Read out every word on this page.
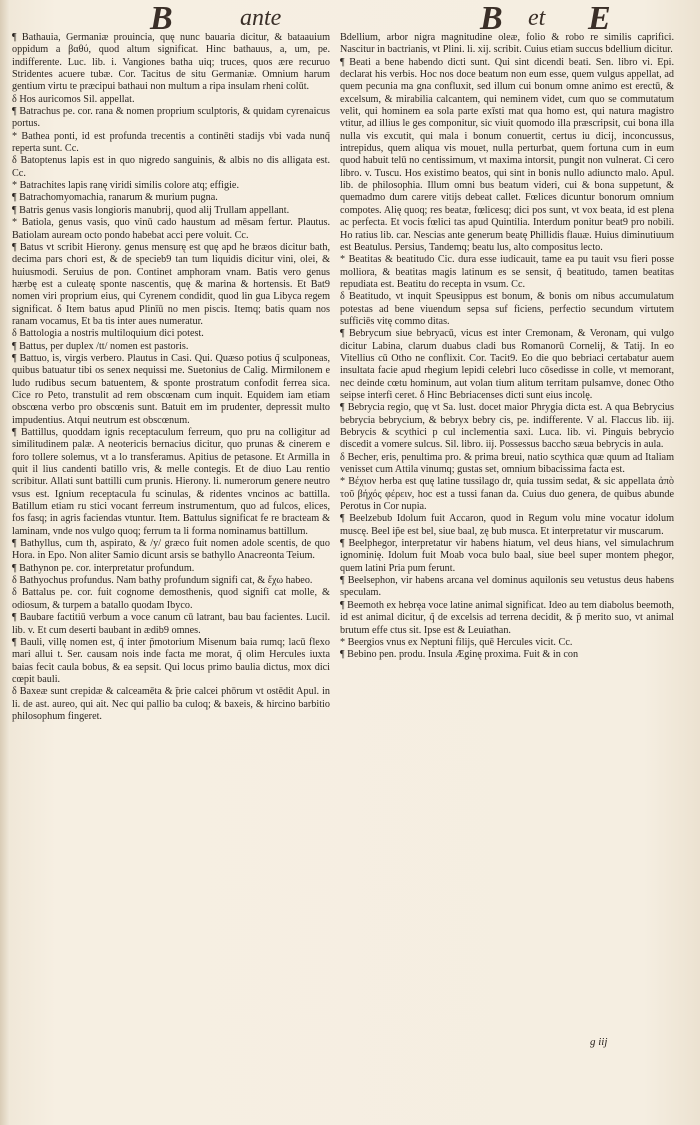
B	ante	B et E

¶ Bathauia, Germaniæ prouincia, quę nunc bauaria dicitur, & bataauium oppidum a βαθύ, quod altum significat. Hinc bathauus, a, um, pe. indifferente. Luc. lib. i. Vangiones batha uiq; truces, quos ære recuruo Stridentes acuere tubæ. Cor. Tacitus de situ Germaniæ. Omnium harum gentium virtu te præcipui bathaui non multum a ripa insulam rheni colūt.

δ Hos auricomos Sil. appellat.

¶ Batrachus pe. cor. rana & nomen proprium sculptoris, & quidam cyrenaicus portus.

* Bathea ponti, id est profunda trecentis a continēti stadijs vbi vada nunq̃ reperta sunt. Cc.

δ Batoptenus lapis est in quo nigredo sanguinis, & albis no dis alligata est. Cc.

* Batrachites lapis ranę viridi similis colore atq; effigie.

¶ Batrachomyomachia, ranarum & murium pugna.

¶ Batris genus vasis longioris manubrij, quod alij Trullam appellant.

* Batiola, genus vasis, quo vinū cado haustum ad mēsam fertur. Plautus. Batiolam auream octo pondo habebat acci pere voluit. Cc.

¶ Batus vt scribit Hierony. genus mensurę est quę apd he bræos dicitur bath, decima pars chori est, & de specieb9 tan tum liquidis dicitur vini, olei, & huiusmodi. Seruius de pon. Continet amphoram vnam. Batis vero genus hærbę est a culeatę sponte nascentis, quę & marina & hortensis. Et Bat9 nomen viri proprium eius, qui Cyrenem condidit, quod lin gua Libyca regem significat. δ Item batus apud Plinīū no men piscis. Itemq; batis quam nos ranam vocamus, Et ba tis inter aues numeratur.

δ Battologia a nostris multiloquium dici potest.

¶ Battus, per duplex /tt/ nomen est pastoris.

¶ Battuo, is, virgis verbero. Plautus in Casi. Qui. Quæso potius q̃ sculponeas, quibus batuatur tibi os senex nequissi me. Suetonius de Calig. Mirmilonem e ludo rudibus secum batuentem, & sponte prostratum confodit ferrea sica. Cice ro Peto, transtulit ad rem obscœnam cum inquit. Equidem iam etiam obscœna verbo pro obscœnis sunt. Batuit em im prudenter, depressit multo impudentius. Atqui neutrum est obscœnum.

¶ Battillus, quoddam ignis receptaculum ferreum, quo pru na colligitur ad similitudinem palæ. A neotericis bernacius dicitur, quo prunas & cinerem e foro tollere solemus, vt a lo transferamus. Apitius de petasone. Et Armilla in quit il lius candenti batillo vris, & melle contegis. Et de diuo Lau rentio scribitur. Allati sunt battilli cum prunis. Hierony. li. numerorum genere neutro vsus est. Ignium receptacula fu scinulas, & ridentes vncinos ac battilla. Batillum etiam ru stici vocant ferreum instrumentum, quo ad fulcos, elices, fos fasq; in agris faciendas vtuntur. Item. Battulus significat fe re bracteam & laminam, vnde nos vulgo quoq; ferrum ta li forma nominamus battillum.

¶ Bathyllus, cum th, aspirato, & /y/ græco fuit nomen adole scentis, de quo Hora. in Epo. Non aliter Samio dicunt arsis se bathyllo Anacreonta Teium.

¶ Bathynon pe. cor. interpretatur profundum.

δ Bathyochus profundus. Nam bathy profundum signifi cat, & ἔχω habeo.

δ Battalus pe. cor. fuit cognome demosthenis, quod signifi cat molle, & odiosum, & turpem a batallo quodam Ibyco.

¶ Baubare factitiū verbum a voce canum cū latrant, bau bau facientes. Lucil. lib. v. Et cum deserti baubant in ædib9 omnes.

¶ Bauli, villę nomen est, q̃ inter p̃motorium Misenum baia rumq; lacū flexo mari allui t. Ser. causam nois inde facta me morat, q̃ olim Hercules iuxta baias fecit caula bobus, & ea sepsit. Qui locus primo baulia dictus, mox dici cœpit bauli.

δ Baxeæ sunt crepidæ & calceamēta & ̃prie calcei phōrum vt ostēdit Apul. in li. de ast. aureo, qui ait. Nec qui pallio ba culoq; & baxeis, & hircino barbitio philosophum fingeret.

Bdellium, arbor nigra magnitudine oleæ, folio & robo re similis caprifici. Nascitur in bactrianis, vt Plini. li. xij. scribit. Cuius etiam succus bdellium dicitur.

¶ Beati a bene habendo dicti sunt. Qui sint dicendi beati. Sen. libro vi. Epi. declarat his verbis. Hoc nos doce beatum non eum esse, quem vulgus appellat, ad quem pecunia ma gna confluxit, sed illum cui bonum omne animo est erectū, & excelsum, & mirabilia calcantem, qui neminem videt, cum quo se commutatum velit, qui hominem ea sola parte exīsti mat qua homo est, qui natura magistro vtitur, ad illius le ges componitur, sic viuit quomodo illa præscripsit, cui bona illa nulla vis excutit, qui mala i bonum conuertit, certus iu dicij, inconcussus, intrepidus, quem aliqua vis mouet, nulla perturbat, quem fortuna cum in eum quod habuit telū no centissimum, vt maxima intorsit, pungit non vulnerat. Ci cero libro. v. Tuscu. Hos existimo beatos, qui sint in bonis nullo adiuncto malo. Apul. lib. de philosophia. Illum omni bus beatum videri, cui & bona suppetunt, & quemadmo dum carere vitijs debeat callet. Fœlices dicuntur bonorum omnium compotes. Alię quoq; res beatæ, fœlicesq; dici pos sunt, vt vox beata, id est plena ac perfecta. Et vocis fœlici tas apud Quintilia. Interdum ponitur beat9 pro nobili. Ho ratius lib. car. Nescias ante generum beatę Phillidis flauæ. Huius diminutiuum est Beatulus. Persius, Tandemq; beatu lus, alto compositus lecto.

* Beatitas & beatitudo Cic. dura esse iudicauit, tame ea pu tauit vsu fieri posse molliora, & beatitas magis latinum es se sensit, q̃ beatitudo, tamen beatitas repudiata est. Beatitu do recepta in vsum. Cc.

δ Beatitudo, vt inquit Speusippus est bonum, & bonis om nibus accumulatum potestas ad bene viuendum sepsa suf ficiens, perfectio secundum virtutem sufficiēs vitę commo ditas.

¶ Bebrycum siue bebryacū, vicus est inter Cremonam, & Veronam, qui vulgo dicitur Labina, clarum duabus cladi bus Romanorū Cornelij, & Tatij. In eo Vitellius cū Otho ne conflixit. Cor. Tacit9. Eo die quo bebriaci certabatur auem insultata facie apud rhegium lepidi celebri luco cōsedisse in colle, vt memorant, nec deinde cœtu hominum, aut volan tium alitum territam pulsamve, donec Otho seipse interfi ceret. δ Hinc Bebriacenses dicti sunt eius incolę.

¶ Bebrycia regio, quę vt Sa. lust. docet maior Phrygia dicta est. A qua Bebrycius bebrycia bebrycium, & bebryx bebry cis, pe. indifferente. V al. Flaccus lib. iij. Bebrycis & scythici p cul inclementia saxi. Luca. lib. vi. Pinguis bebrycio discedit a vomere sulcus. Sil. libro. iij. Possessus baccho sæua bebrycis in aula.

δ Becher, eris, penultima pro. & prima breui, natio scythica quæ quum ad Italiam venisset cum Attila vinumq; gustas set, omnium bibacissima facta est.

* Βέχιον herba est quę latine tussilago dr, quia tussim sedat, & sic appellata ἀπὸ τοῦ βήχός φέρειν, hoc est a tussi fanan da. Cuius duo genera, de quibus abunde Perotus in Cor nupia.

¶ Beelzebub Idolum fuit Accaron, quod in Regum volu mine vocatur idolum muscę. Beel ip̃e est bel, siue baal, zę bub musca. Et interpretatur vir muscarum.

¶ Beelphegor, interpretatur vir habens hiatum, vel deus hians, vel simulachrum ignominię. Idolum fuit Moab voca bulo baal, siue beel super montem phegor, quem latini Pria pum ferunt.

¶ Beelsephon, vir habens arcana vel dominus aquilonis seu vetustus deus habens speculam.

¶ Beemoth ex hebręa voce latine animal significat. Ideo au tem diabolus beemoth, id est animal dicitur, q̃ de excelsis ad terrena decidit, & p̃ merito suo, vt animal brutum effe ctus sit. Ipse est & Leuiathan.

* Beergios vnus ex Neptuni filijs, quē Hercules vicit. Cc.

¶ Bebino pen. produ. Insula Æginę proxima. Fuit & in con

g iij
